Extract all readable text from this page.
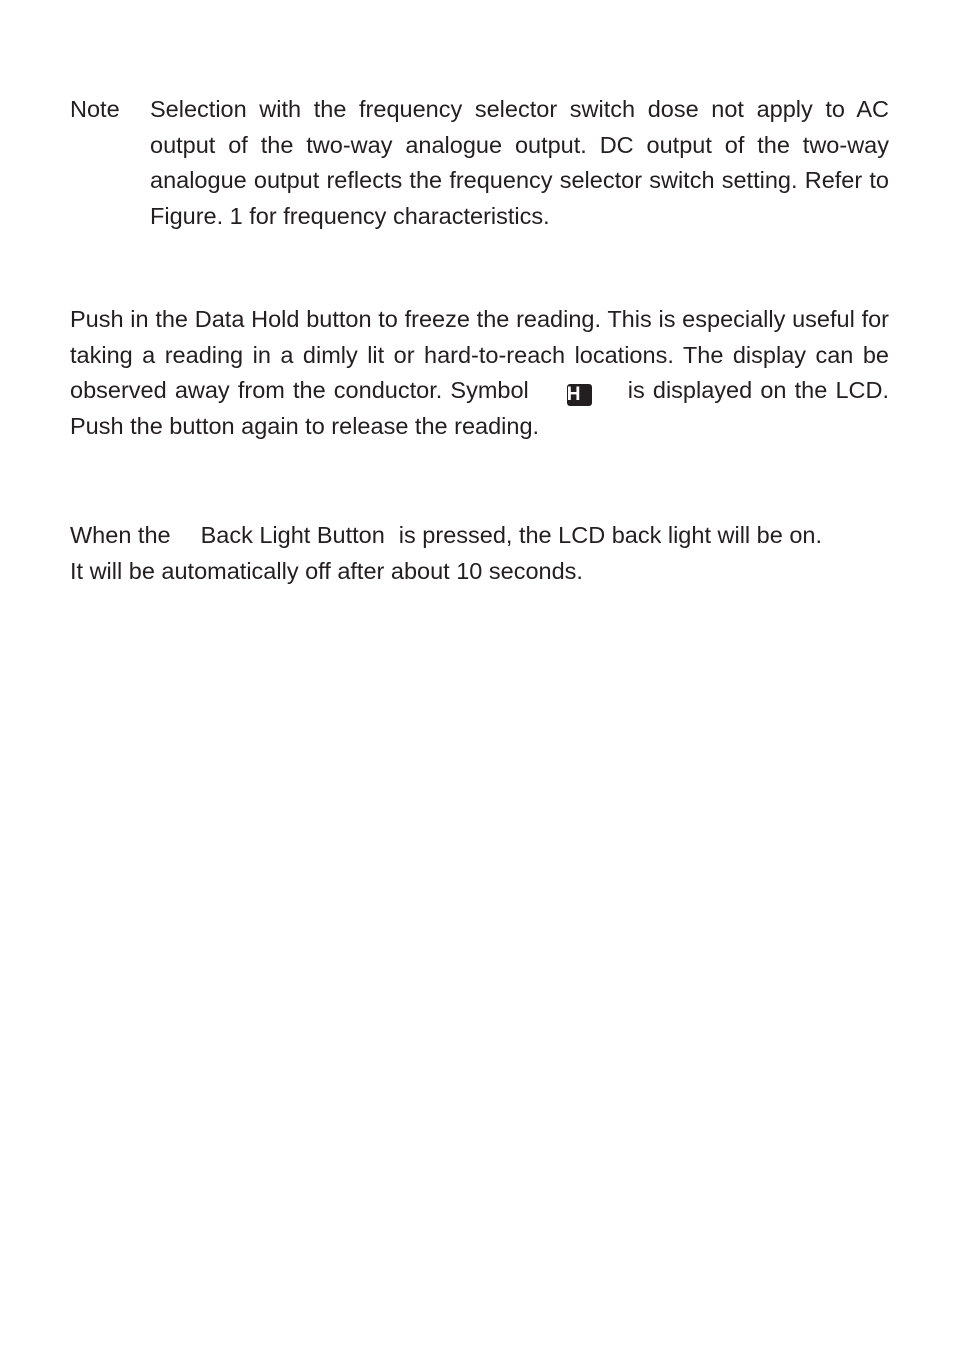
Note Selection with the frequency selector switch dose not apply to AC output of the two-way analogue output. DC output of the two-way analogue output reflects the frequency selector switch setting. Refer to Figure. 1 for frequency characteristics.

Push in the Data Hold button to freeze the reading. This is especially useful for taking a reading in a dimly lit or hard-to-reach locations. The display can be observed away from the conductor. Symbol H is displayed on the LCD. Push the button again to release the reading.

When the Back Light Button is pressed, the LCD back light will be on.

It will be automatically off after about 10 seconds.
